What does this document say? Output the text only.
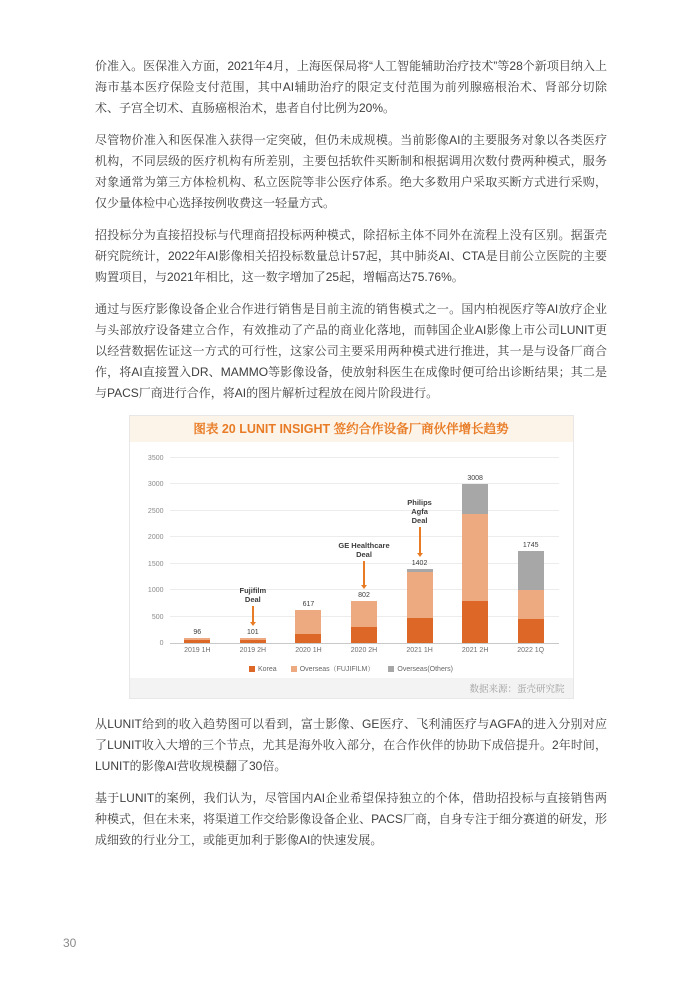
价准入。医保准入方面，2021年4月，上海医保局将“人工智能辅助治疗技术”等28个新项目纳入上海市基本医疗保险支付范围，其中AI辅助治疗的限定支付范围为前列腺癌根治术、肾部分切除术、子宫全切术、直肠癌根治术，患者自付比例为20%。

尽管物价准入和医保准入获得一定突破，但仍未成规模。当前影像AI的主要服务对象以各类医疗机构，不同层级的医疗机构有所差别，主要包括软件买断制和根据调用次数付费两种模式，服务对象通常为第三方体检机构、私立医院等非公医疗体系。绝大多数用户采取买断方式进行采购，仅少量体检中心选择按例收费这一轻量方式。

招投标分为直接招投标与代理商招投标两种模式，除招标主体不同外在流程上没有区别。据蛋壳研究院统计，2022年AI影像相关招投标数量总计57起，其中肺炎AI、CTA是目前公立医院的主要购置项目，与2021年相比，这一数字增加了25起，增幅高达75.76%。

通过与医疗影像设备企业合作进行销售是目前主流的销售模式之一。国内柏视医疗等AI放疗企业与头部放疗设备建立合作，有效推动了产品的商业化落地，而韩国企业AI影像上市公司LUNIT更以经营数据佐证这一方式的可行性，这家公司主要采用两种模式进行推进，其一是与设备厂商合作，将AI直接置入DR、MAMMO等影像设备，使放射科医生在成像时便可给出诊断结果；其二是与PACS厂商进行合作，将AI的图片解析过程放在阅片阶段进行。

图表 20 LUNIT INSIGHT 签约合作设备厂商伙伴增长趋势
0
500
1000
1500
2000
2500
3000
3500
96
2019 1H
101
2019 2H
617
2020 1H
802
2020 2H
1402
2021 1H
3008
2021 2H
1745
2022 1Q
Fujifilm
Deal
GE Healthcare
Deal
Philips
Agfa
Deal
Korea	Overseas（FUJIFILM）	Overseas(Others)
数据来源：蛋壳研究院

从LUNIT给到的收入趋势图可以看到，富士影像、GE医疗、飞利浦医疗与AGFA的进入分别对应了LUNIT收入大增的三个节点，尤其是海外收入部分，在合作伙伴的协助下成倍提升。2年时间，LUNIT的影像AI营收规模翻了30倍。

基于LUNIT的案例，我们认为，尽管国内AI企业希望保持独立的个体，借助招投标与直接销售两种模式，但在未来，将渠道工作交给影像设备企业、PACS厂商，自身专注于细分赛道的研发，形成细致的行业分工，或能更加利于影像AI的快速发展。

30
